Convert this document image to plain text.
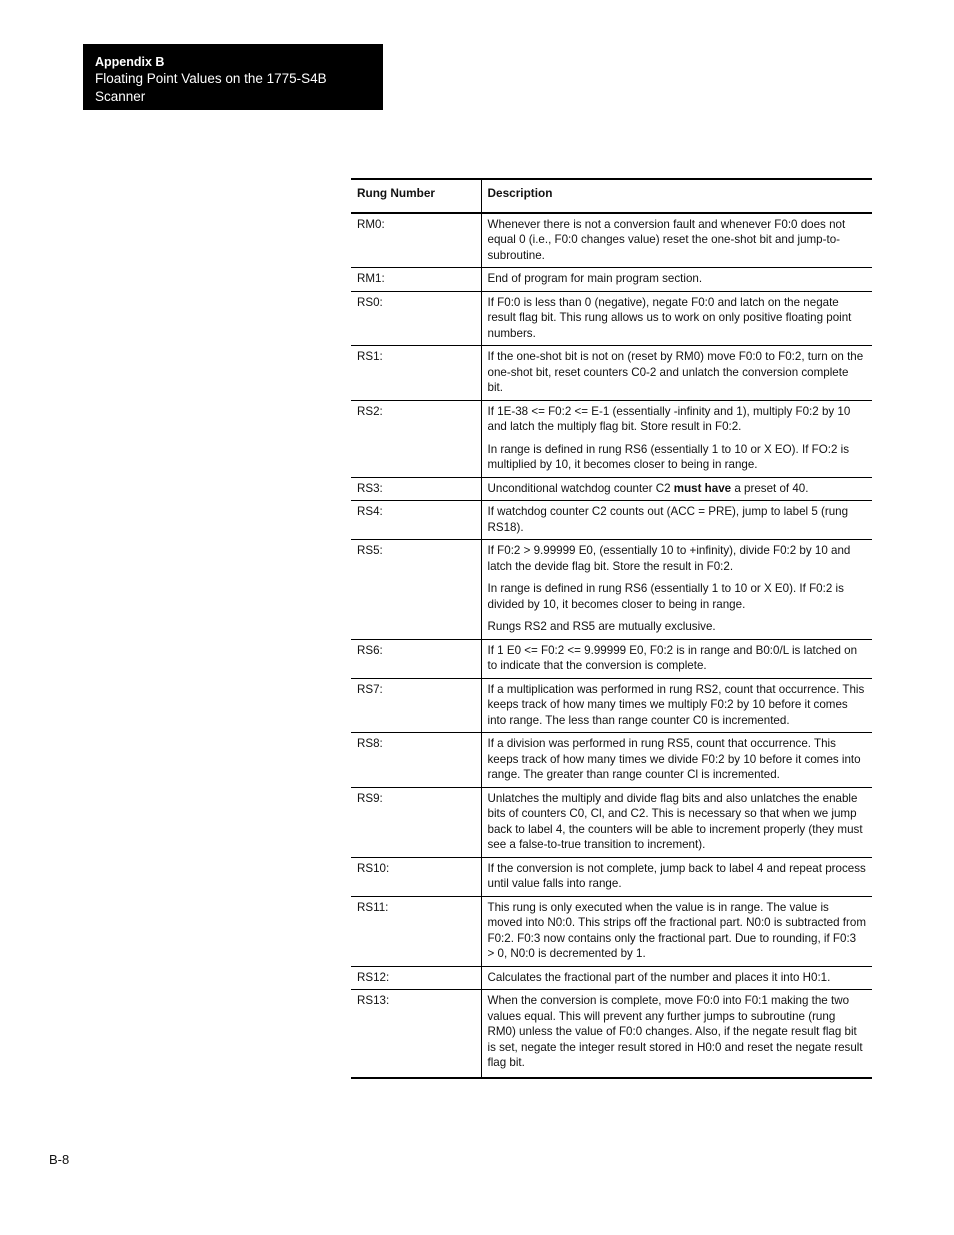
Appendix B
Floating Point Values on the 1775-S4B Scanner
Rung Number	Description
RM0:	Whenever there is not a conversion fault and whenever F0:0 does not equal 0 (i.e., F0:0 changes value) reset the one-shot bit and jump-to-subroutine.

RM1:	End of program for main program section.

RS0:	If F0:0 is less than 0 (negative), negate F0:0 and latch on the negate result flag bit. This rung allows us to work on only positive floating point numbers.

RS1:	If the one-shot bit is not on (reset by RM0) move F0:0 to F0:2, turn on the one-shot bit, reset counters C0-2 and unlatch the conversion complete bit.

RS2:	If 1E-38 <= F0:2 <= E-1 (essentially -infinity and 1), multiply F0:2 by 10 and latch the multiply flag bit. Store result in F0:2.

In range is defined in rung RS6 (essentially 1 to 10 or X EO). If FO:2 is multiplied by 10, it becomes closer to being in range.

RS3:	Unconditional watchdog counter C2 must have a preset of 40.

RS4:	If watchdog counter C2 counts out (ACC = PRE), jump to label 5 (rung RS18).

RS5:	If F0:2 > 9.99999 E0, (essentially 10 to +infinity), divide F0:2 by 10 and latch the devide flag bit. Store the result in F0:2.

In range is defined in rung RS6 (essentially 1 to 10 or X E0). If F0:2 is divided by 10, it becomes closer to being in range.

Rungs RS2 and RS5 are mutually exclusive.

RS6:	If 1 E0 <= F0:2 <= 9.99999 E0, F0:2 is in range and B0:0/L is latched on to indicate that the conversion is complete.

RS7:	If a multiplication was performed in rung RS2, count that occurrence. This keeps track of how many times we multiply F0:2 by 10 before it comes into range. The less than range counter C0 is incremented.

RS8:	If a division was performed in rung RS5, count that occurrence. This keeps track of how many times we divide F0:2 by 10 before it comes into range. The greater than range counter Cl is incremented.

RS9:	Unlatches the multiply and divide flag bits and also unlatches the enable bits of counters C0, Cl, and C2. This is necessary so that when we jump back to label 4, the counters will be able to increment properly (they must see a false-to-true transition to increment).

RS10:	If the conversion is not complete, jump back to label 4 and repeat process until value falls into range.

RS11:	This rung is only executed when the value is in range. The value is moved into N0:0. This strips off the fractional part. N0:0 is subtracted from F0:2. F0:3 now contains only the fractional part. Due to rounding, if F0:3 > 0, N0:0 is decremented by 1.

RS12:	Calculates the fractional part of the number and places it into H0:1.

RS13:	When the conversion is complete, move F0:0 into F0:1 making the two values equal. This will prevent any further jumps to subroutine (rung RM0) unless the value of F0:0 changes. Also, if the negate result flag bit is set, negate the integer result stored in H0:0 and reset the negate result flag bit.

B-8
